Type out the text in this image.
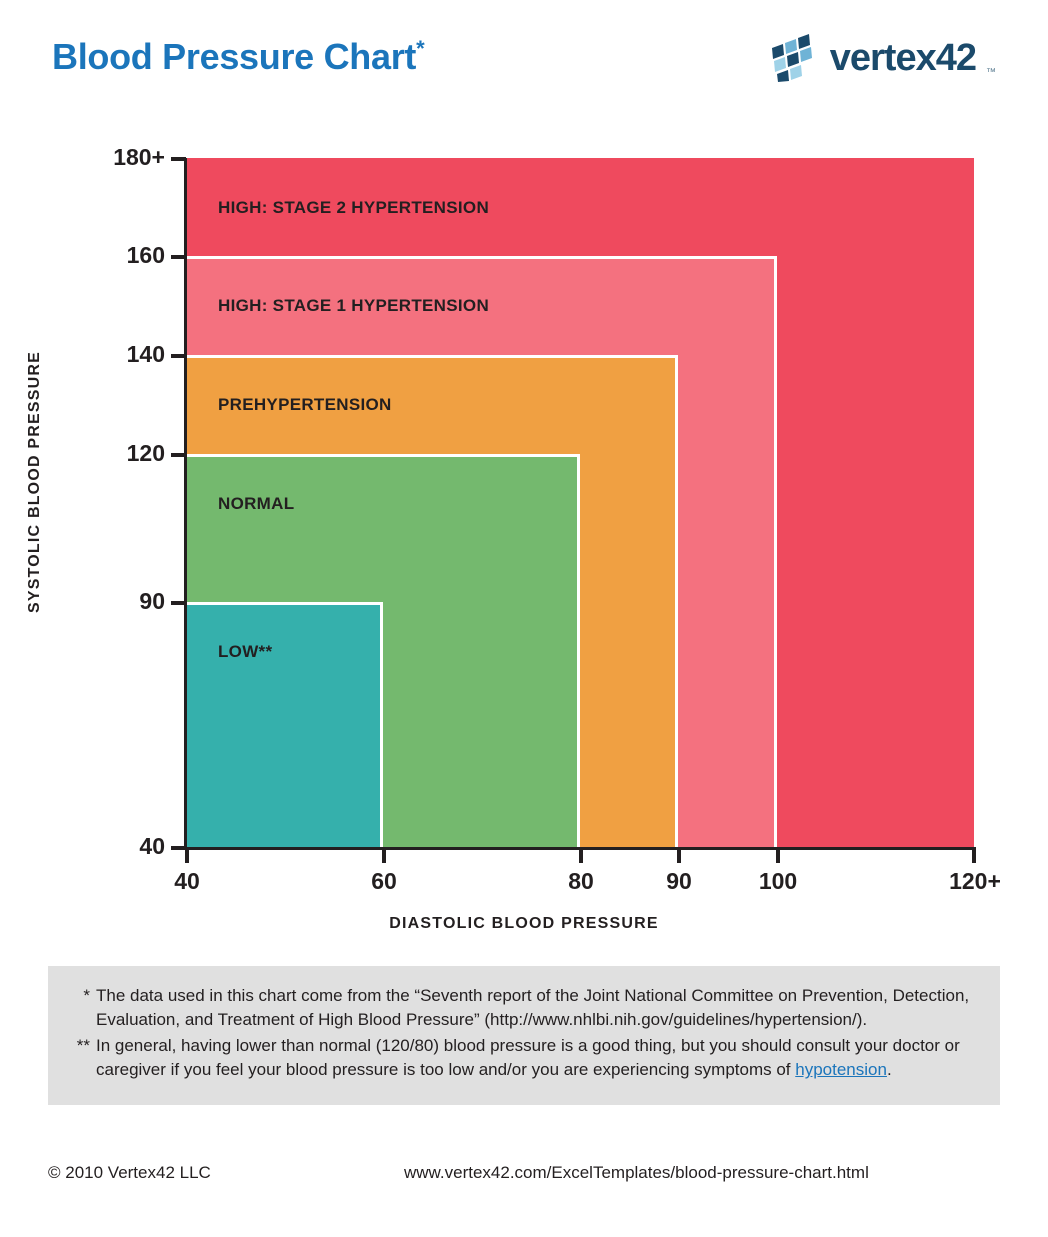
Blood Pressure Chart*	vertex42 ™
HIGH: STAGE 2 HYPERTENSION
HIGH: STAGE 1 HYPERTENSION
PREHYPERTENSION
NORMAL
LOW**
180+
160
140
120
90
40
40	60	80	90	100	120+
SYSTOLIC BLOOD PRESSURE
DIASTOLIC BLOOD PRESSURE
* The data used in this chart come from the “Seventh report of the Joint National Committee on Prevention, Detection, Evaluation, and Treatment of High Blood Pressure” (http://www.nhlbi.nih.gov/guidelines/hypertension/).
** In general, having lower than normal (120/80) blood pressure is a good thing, but you should consult your doctor or caregiver if you feel your blood pressure is too low and/or you are experiencing symptoms of hypotension.
© 2010 Vertex42 LLC	www.vertex42.com/ExcelTemplates/blood-pressure-chart.html
